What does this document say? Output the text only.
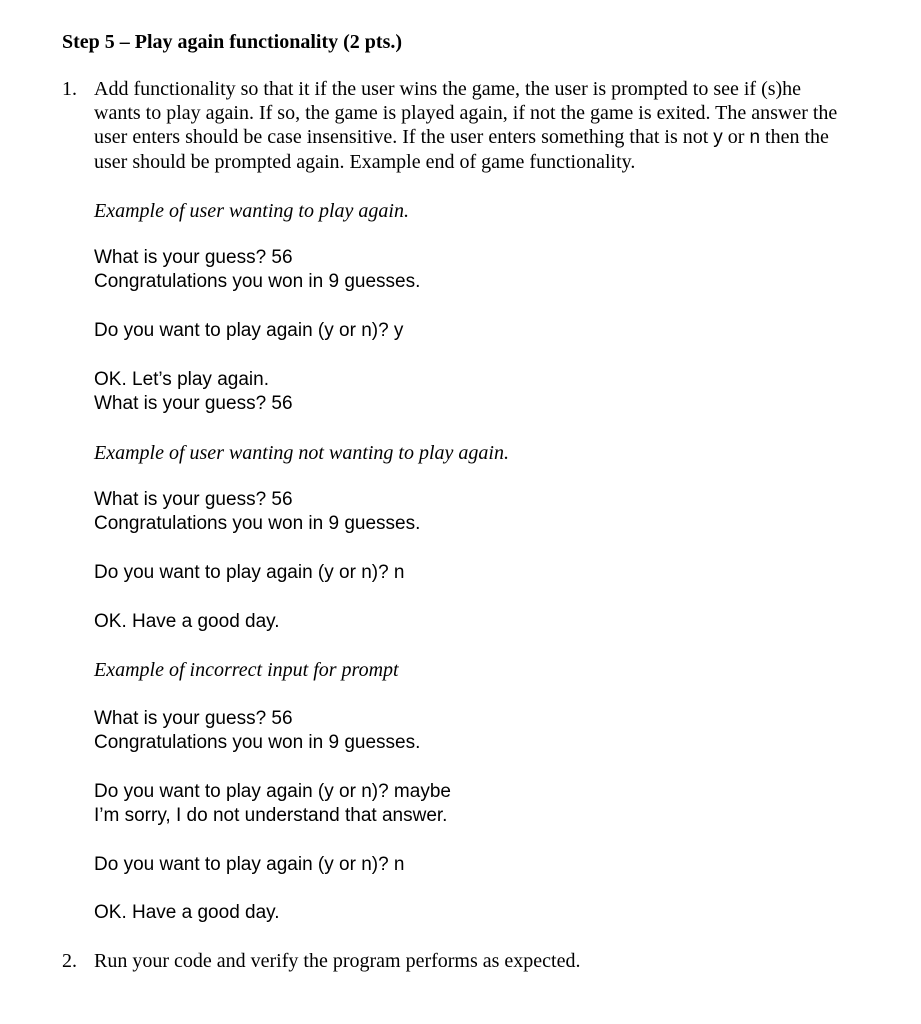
Step 5 – Play again functionality (2 pts.)
1. Add functionality so that it if the user wins the game, the user is prompted to see if (s)he
wants to play again. If so, the game is played again, if not the game is exited. The answer the
user enters should be case insensitive. If the user enters something that is not y or n then the
user should be prompted again. Example end of game functionality.
Example of user wanting to play again.
What is your guess? 56
Congratulations you won in 9 guesses.
Do you want to play again (y or n)? y
OK. Let’s play again.
What is your guess? 56
Example of user wanting not wanting to play again.
What is your guess? 56
Congratulations you won in 9 guesses.
Do you want to play again (y or n)? n
OK. Have a good day.
Example of incorrect input for prompt
What is your guess? 56
Congratulations you won in 9 guesses.
Do you want to play again (y or n)? maybe
I’m sorry, I do not understand that answer.
Do you want to play again (y or n)? n
OK. Have a good day.
2. Run your code and verify the program performs as expected.
